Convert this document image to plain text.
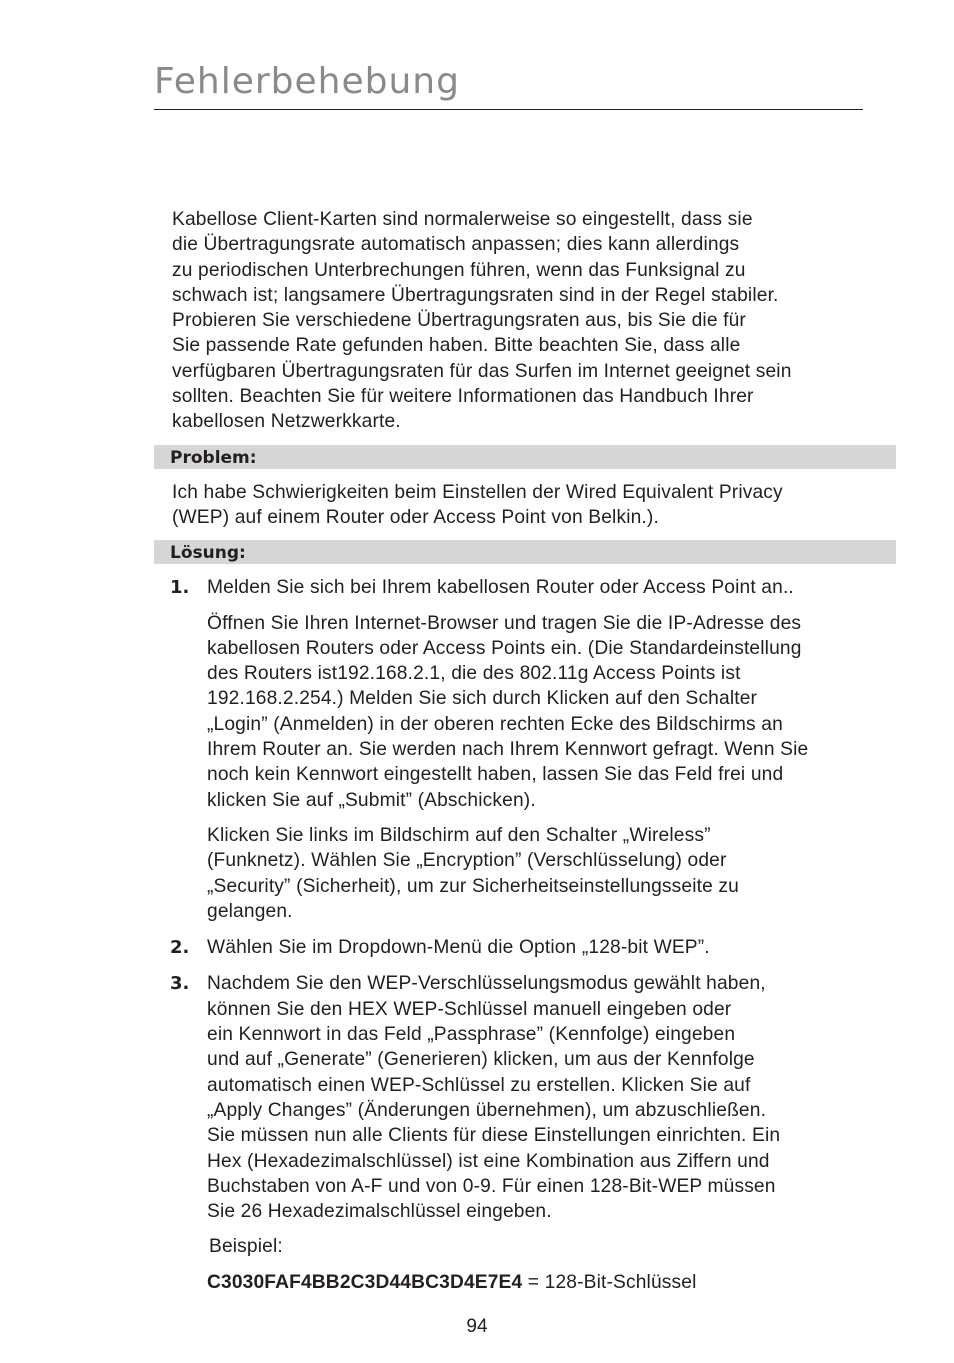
Fehlerbehebung

Kabellose Client-Karten sind normalerweise so eingestellt, dass sie
die Übertragungsrate automatisch anpassen; dies kann allerdings
zu periodischen Unterbrechungen führen, wenn das Funksignal zu
schwach ist; langsamere Übertragungsraten sind in der Regel stabiler.
Probieren Sie verschiedene Übertragungsraten aus, bis Sie die für
Sie passende Rate gefunden haben. Bitte beachten Sie, dass alle
verfügbaren Übertragungsraten für das Surfen im Internet geeignet sein
sollten. Beachten Sie für weitere Informationen das Handbuch Ihrer
kabellosen Netzwerkkarte.

Problem:

Ich habe Schwierigkeiten beim Einstellen der Wired Equivalent Privacy
(WEP) auf einem Router oder Access Point von Belkin.).

Lösung:
1. Melden Sie sich bei Ihrem kabellosen Router oder Access Point an..

Öffnen Sie Ihren Internet-Browser und tragen Sie die IP-Adresse des
kabellosen Routers oder Access Points ein. (Die Standardeinstellung
des Routers ist192.168.2.1, die des 802.11g Access Points ist
192.168.2.254.) Melden Sie sich durch Klicken auf den Schalter
„Login” (Anmelden) in der oberen rechten Ecke des Bildschirms an
Ihrem Router an. Sie werden nach Ihrem Kennwort gefragt. Wenn Sie
noch kein Kennwort eingestellt haben, lassen Sie das Feld frei und
klicken Sie auf „Submit” (Abschicken).

Klicken Sie links im Bildschirm auf den Schalter „Wireless”
(Funknetz). Wählen Sie „Encryption” (Verschlüsselung) oder
„Security” (Sicherheit), um zur Sicherheitseinstellungsseite zu
gelangen.

2. Wählen Sie im Dropdown-Menü die Option „128-bit WEP”.

3. Nachdem Sie den WEP-Verschlüsselungsmodus gewählt haben,
können Sie den HEX WEP-Schlüssel manuell eingeben oder
ein Kennwort in das Feld „Passphrase” (Kennfolge) eingeben
und auf „Generate” (Generieren) klicken, um aus der Kennfolge
automatisch einen WEP-Schlüssel zu erstellen. Klicken Sie auf
„Apply Changes” (Änderungen übernehmen), um abzuschließen.
Sie müssen nun alle Clients für diese Einstellungen einrichten. Ein
Hex (Hexadezimalschlüssel) ist eine Kombination aus Ziffern und
Buchstaben von A-F und von 0-9. Für einen 128-Bit-WEP müssen
Sie 26 Hexadezimalschlüssel eingeben.

Beispiel:

C3030FAF4BB2C3D44BC3D4E7E4 = 128-Bit-Schlüssel

94
